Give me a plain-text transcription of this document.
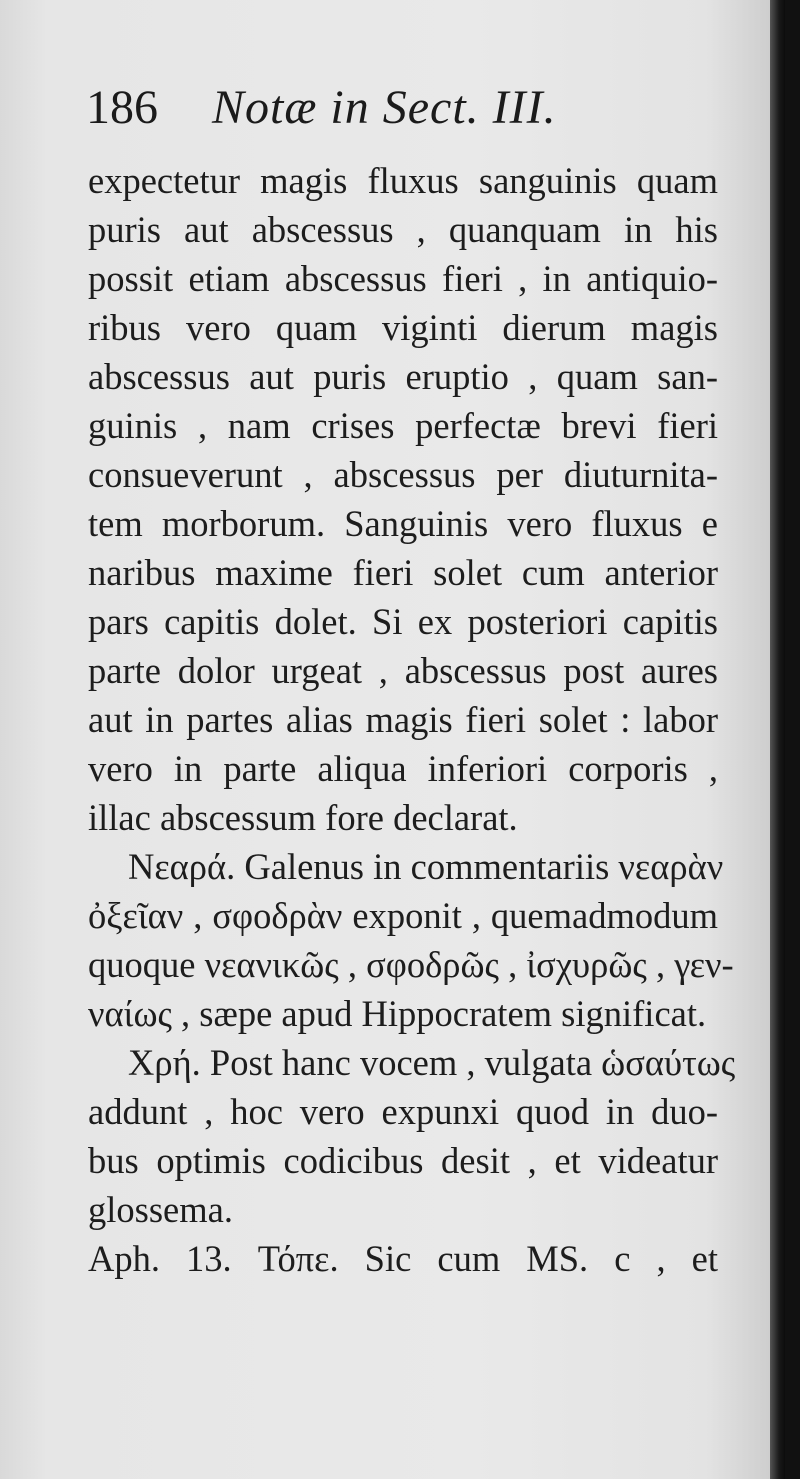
186 Notæ in Sect. III.
expectetur magis fluxus sanguinis quam
puris aut abscessus , quanquam in his
possit etiam abscessus fieri , in antiquio-
ribus vero quam viginti dierum magis
abscessus aut puris eruptio , quam san-
guinis , nam crises perfectæ brevi fieri
consueverunt , abscessus per diuturnita-
tem morborum. Sanguinis vero fluxus e
naribus maxime fieri solet cum anterior
pars capitis dolet. Si ex posteriori capitis
parte dolor urgeat , abscessus post aures
aut in partes alias magis fieri solet : labor
vero in parte aliqua inferiori corporis ,
illac abscessum fore declarat.
Νεαρά. Galenus in commentariis νεαρὰν
ὀξεῖαν , σφοδρὰν exponit , quemadmodum
quoque νεανικῶς , σφοδρῶς , ἰσχυρῶς , γεν-
ναίως , sæpe apud Hippocratem significat.
Χρή. Post hanc vocem , vulgata ὡσαύτως
addunt , hoc vero expunxi quod in duo-
bus optimis codicibus desit , et videatur
glossema.
Aph. 13. Τόπε. Sic cum MS. c , et
